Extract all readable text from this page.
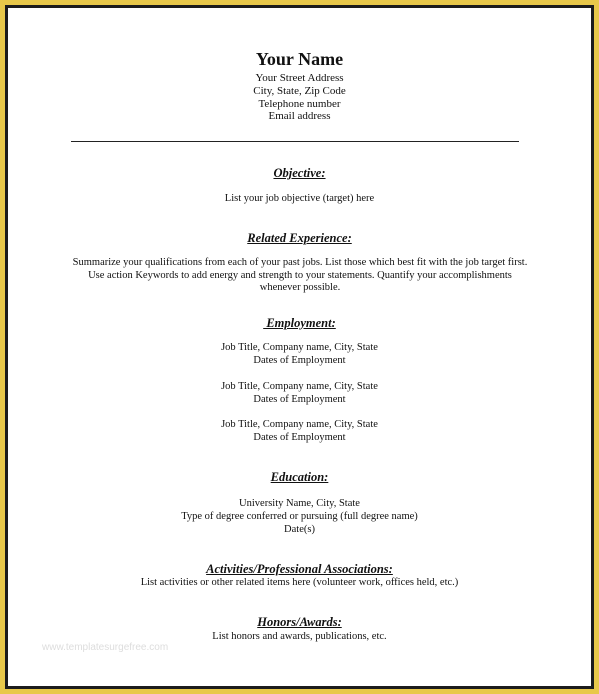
Your Name
Your Street Address
City, State, Zip Code
Telephone number
Email address
Objective:
List your job objective (target) here
Related Experience:
Summarize your qualifications from each of your past jobs. List those which best fit with the job target first. Use action Keywords to add energy and strength to your statements. Quantify your accomplishments whenever possible.
Employment:
Job Title, Company name, City, State
Dates of Employment
Job Title, Company name, City, State
Dates of Employment
Job Title, Company name, City, State
Dates of Employment
Education:
University Name, City, State
Type of degree conferred or pursuing (full degree name)
Date(s)
Activities/Professional Associations:
List activities or other related items here (volunteer work, offices held, etc.)
Honors/Awards:
List honors and awards, publications, etc.
www.templatesurgefree.com
